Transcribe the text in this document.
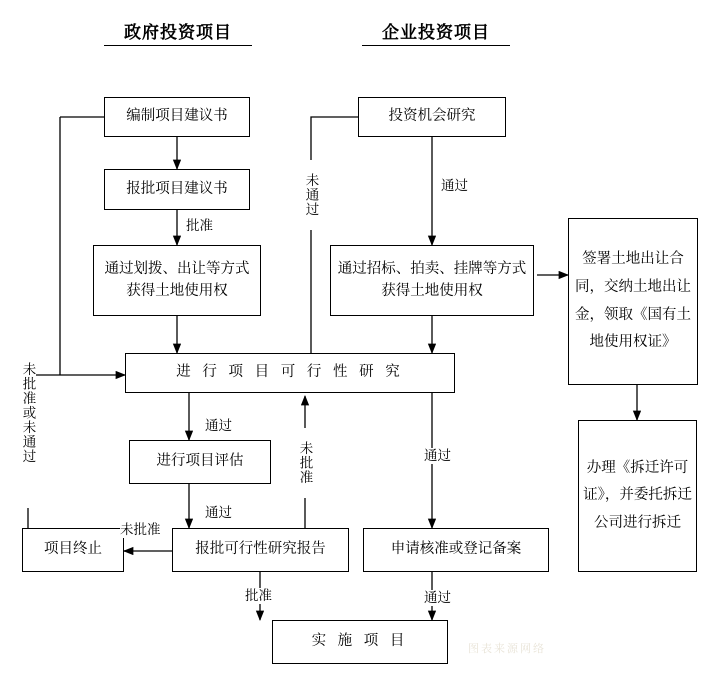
政府投资项目	企业投资项目
编制项目建议书
报批项目建议书
通过划拨、出让等方式获得土地使用权
进 行 项 目 可 行 性 研 究
进行项目评估
报批可行性研究报告
项目终止
投资机会研究
通过招标、拍卖、挂牌等方式获得土地使用权
申请核准或登记备案
实 施 项 目
签署土地出让合同，交纳土地出让金，领取《国有土地使用权证》
办理《拆迁许可证》，并委托拆迁公司进行拆迁
批准
通过
通过
批准
未批准
未批准或未通过
未通过
未批准
通过
通过
通过
图表来源网络
